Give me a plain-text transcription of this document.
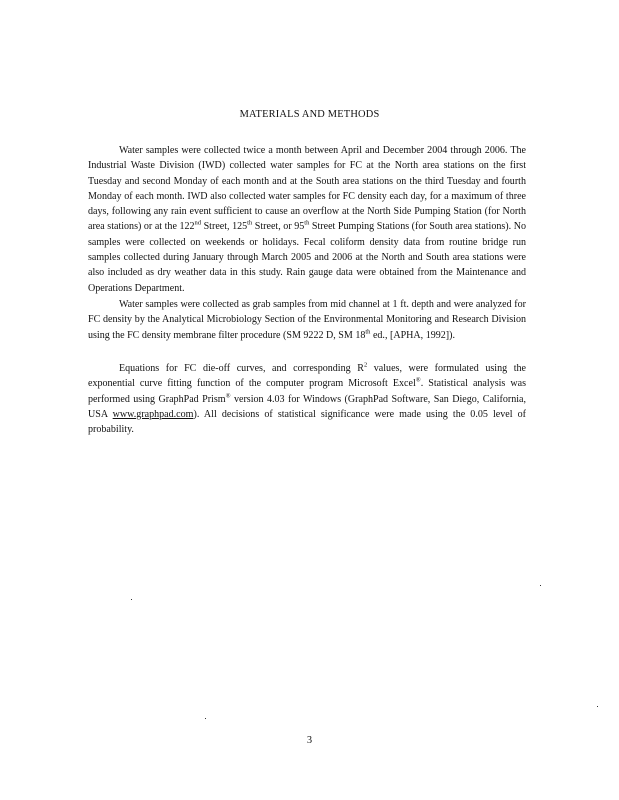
MATERIALS AND METHODS

Water samples were collected twice a month between April and December 2004 through 2006. The Industrial Waste Division (IWD) collected water samples for FC at the North area stations on the first Tuesday and second Monday of each month and at the South area stations on the third Tuesday and fourth Monday of each month. IWD also collected water samples for FC density each day, for a maximum of three days, following any rain event sufficient to cause an overflow at the North Side Pumping Station (for North area stations) or at the 122nd Street, 125th Street, or 95th Street Pumping Stations (for South area stations). No samples were collected on weekends or holidays. Fecal coliform density data from routine bridge run samples collected during January through March 2005 and 2006 at the North and South area stations were also included as dry weather data in this study. Rain gauge data were obtained from the Maintenance and Operations Department.

Water samples were collected as grab samples from mid channel at 1 ft. depth and were analyzed for FC density by the Analytical Microbiology Section of the Environmental Monitoring and Research Division using the FC density membrane filter procedure (SM 9222 D, SM 18th ed., [APHA, 1992]).

Equations for FC die-off curves, and corresponding $R^2$ values, were formulated using the exponential curve fitting function of the computer program Microsoft Excel®. Statistical analysis was performed using GraphPad Prism® version 4.03 for Windows (GraphPad Software, San Diego, California, USA www.graphpad.com). All decisions of statistical significance were made using the 0.05 level of probability.

3
